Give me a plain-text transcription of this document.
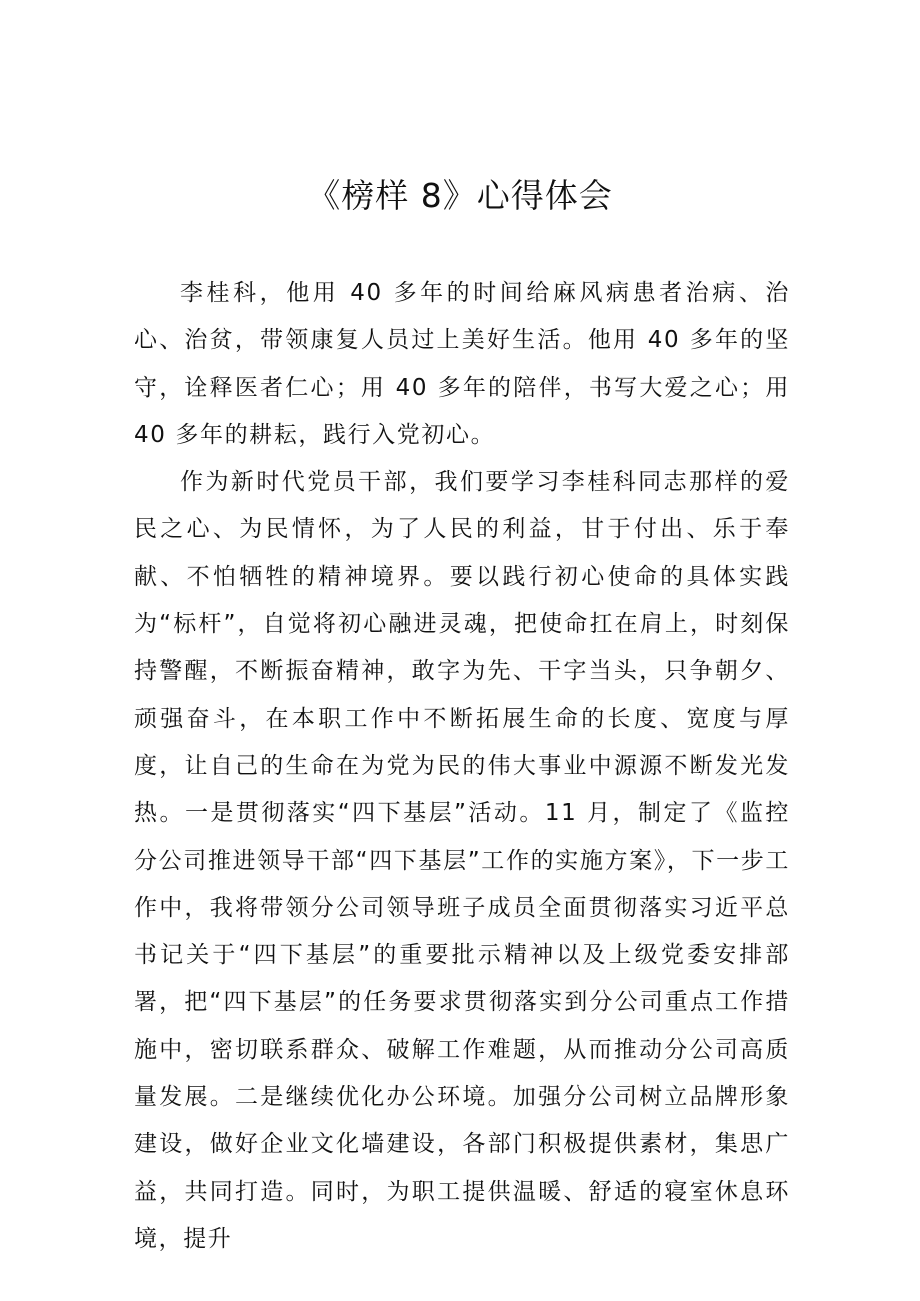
《榜样 8》心得体会

李桂科，他用 40 多年的时间给麻风病患者治病、治心、治贫，带领康复人员过上美好生活。他用 40 多年的坚守，诠释医者仁心；用 40 多年的陪伴，书写大爱之心；用 40 多年的耕耘，践行入党初心。

作为新时代党员干部，我们要学习李桂科同志那样的爱民之心、为民情怀，为了人民的利益，甘于付出、乐于奉献、不怕牺牲的精神境界。要以践行初心使命的具体实践为“标杆”，自觉将初心融进灵魂，把使命扛在肩上，时刻保持警醒，不断振奋精神，敢字为先、干字当头，只争朝夕、顽强奋斗，在本职工作中不断拓展生命的长度、宽度与厚度，让自己的生命在为党为民的伟大事业中源源不断发光发热。一是贯彻落实“四下基层”活动。11 月，制定了《监控分公司推进领导干部“四下基层”工作的实施方案》，下一步工作中，我将带领分公司领导班子成员全面贯彻落实习近平总书记关于“四下基层”的重要批示精神以及上级党委安排部署，把“四下基层”的任务要求贯彻落实到分公司重点工作措施中，密切联系群众、破解工作难题，从而推动分公司高质量发展。二是继续优化办公环境。加强分公司树立品牌形象建设，做好企业文化墙建设，各部门积极提供素材，集思广益，共同打造。同时，为职工提供温暖、舒适的寝室休息环境，提升
